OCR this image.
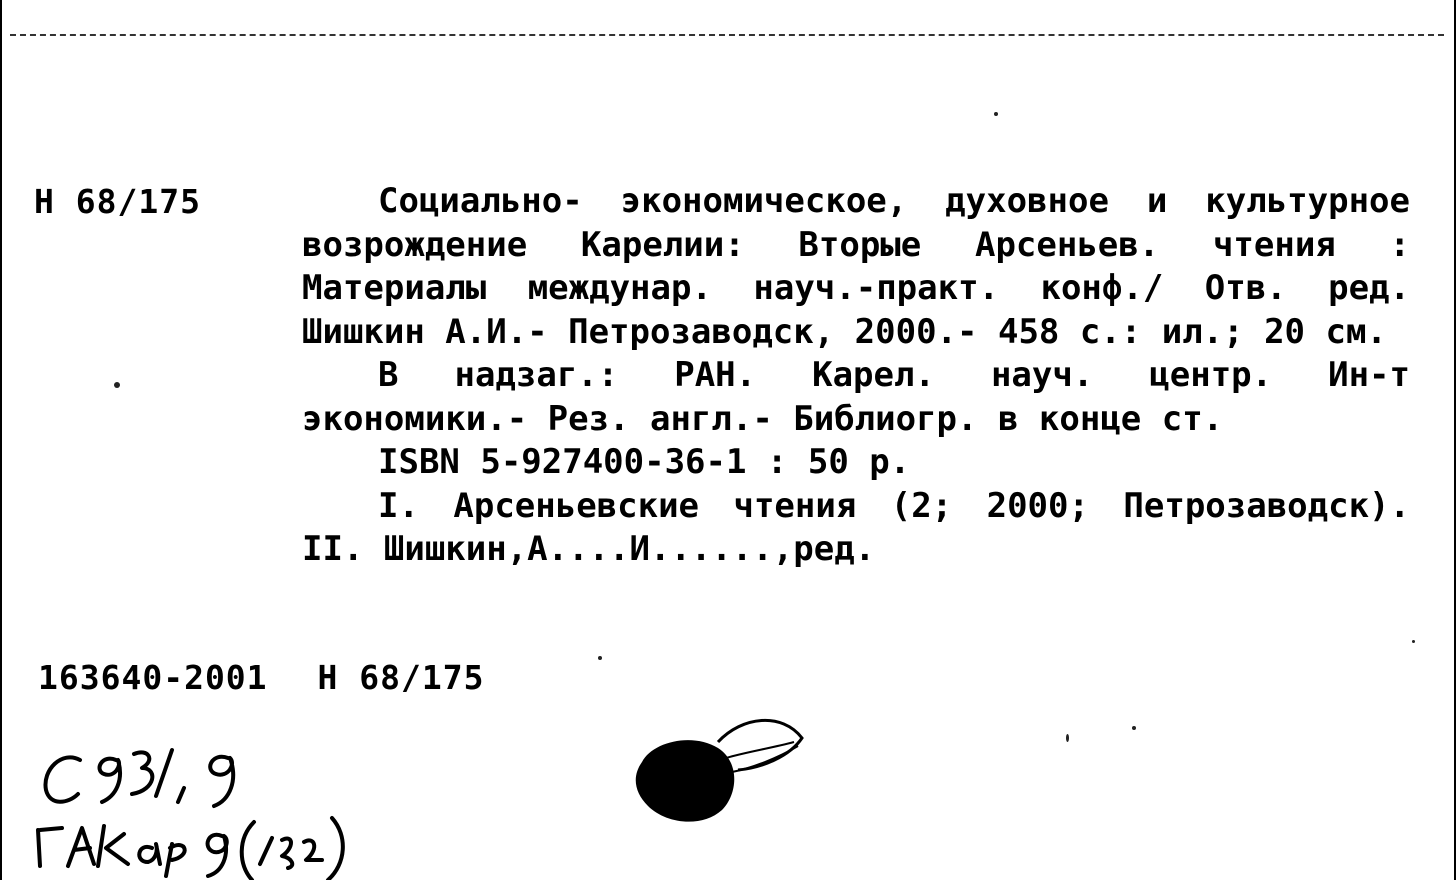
Н 68/175	Социально- экономическое, духовное и культурное возрождение Карелии: Вторые Арсеньев. чтения : Материалы междунар. науч.-практ. конф./ Отв. ред. Шишкин А.И.- Петрозаводск, 2000.- 458 с.: ил.; 20 см.

В надзаг.: РАН. Карел. науч. центр. Ин-т экономики.- Рез. англ.- Библиогр. в конце ст.

ISBN 5-927400-36-1 : 50 р.

I. Арсеньевские чтения (2; 2000; Петрозаводск). II. Шишкин,А....И......,ред.

163640-2001 Н 68/175
